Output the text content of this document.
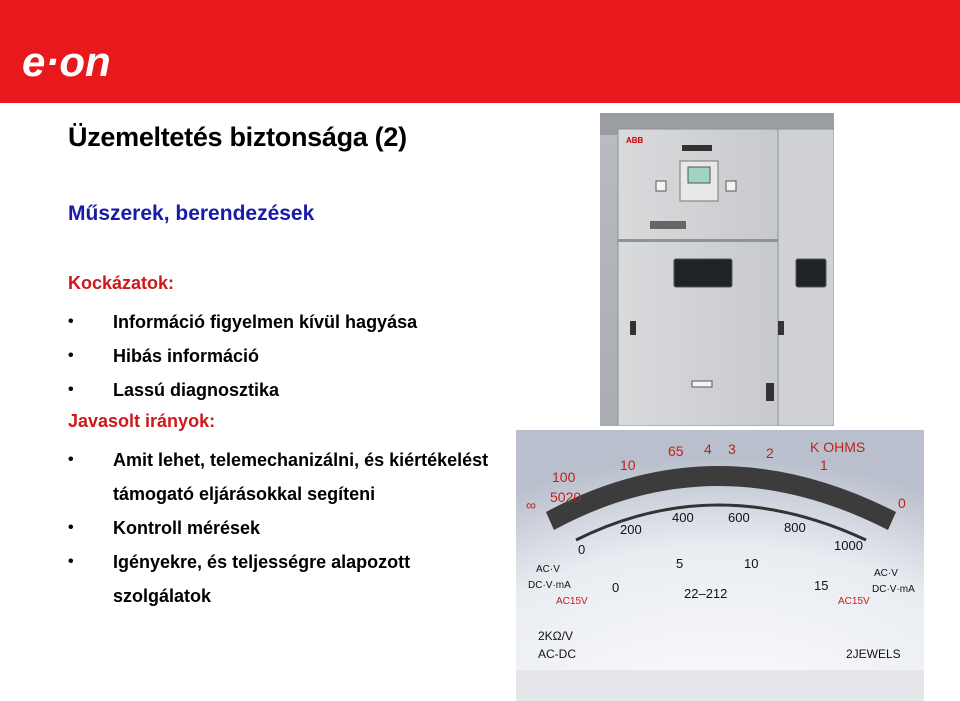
e·on
Üzemeltetés biztonsága (2)
Műszerek, berendezések

Kockázatok:

• Információ figyelmen kívül hagyása
• Hibás információ
• Lassú diagnosztika

Javasolt irányok:

• Amit lehet, telemechanizálni, és kiértékelést támogató eljárásokkal segíteni
• Kontroll mérések
• Igényekre, és teljességre alapozott szolgálatok
ABB
∞
100
5020
10
65 4 3 2	K OHMS
1
0
0
200
400	600
800
1000
0
5	10
15
22–212
AC·V
DC·V·mA
AC15V
AC·V
DC·V·mA
AC15V
2KΩ/V
AC-DC	2JEWELS
